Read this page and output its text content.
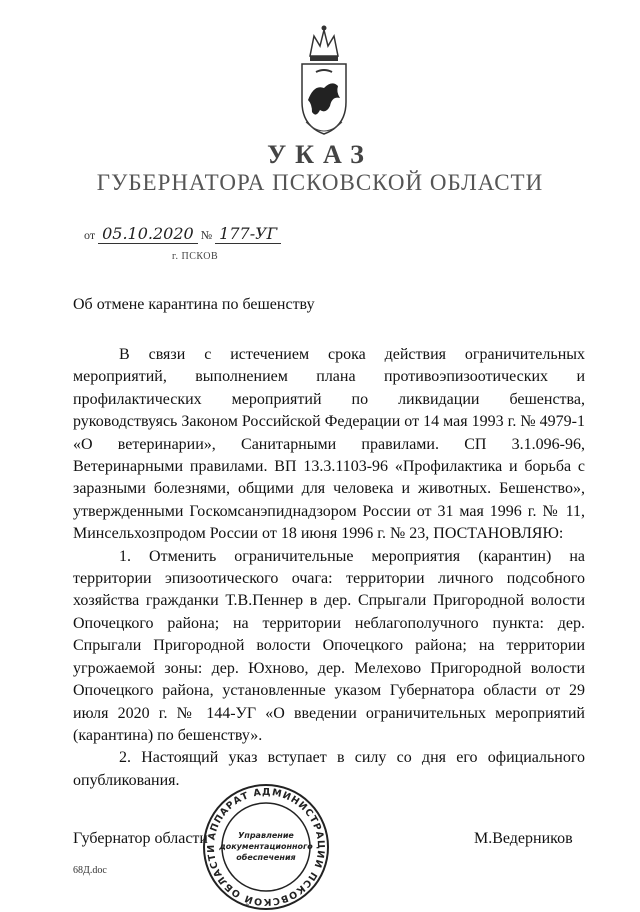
УКАЗ
ГУБЕРНАТОРА ПСКОВСКОЙ ОБЛАСТИ
от 05.10.2020 № 177-УГ
г. ПСКОВ
Об отмене карантина по бешенству

В связи с истечением срока действия ограничительных мероприятий, выполнением плана противоэпизоотических и профилактических мероприятий по ликвидации бешенства, руководствуясь Законом Российской Федерации от 14 мая 1993 г. № 4979-1 «О ветеринарии», Санитарными правилами. СП 3.1.096-96, Ветеринарными правилами. ВП 13.3.1103-96 «Профилактика и борьба с заразными болезнями, общими для человека и животных. Бешенство», утвержденными Госкомсанэпиднадзором России от 31 мая 1996 г. № 11, Минсельхозпродом России от 18 июня 1996 г. № 23, ПОСТАНОВЛЯЮ:

1. Отменить ограничительные мероприятия (карантин) на территории эпизоотического очага: территории личного подсобного хозяйства гражданки Т.В.Пеннер в дер. Спрыгали Пригородной волости Опочецкого района; на территории неблагополучного пункта: дер. Спрыгали Пригородной волости Опочецкого района; на территории угрожаемой зоны: дер. Юхново, дер. Мелехово Пригородной волости Опочецкого района, установленные указом Губернатора области от 29 июля 2020 г. № 144-УГ «О введении ограничительных мероприятий (карантина) по бешенству».

2. Настоящий указ вступает в силу со дня его официального опубликования.

Губернатор области	М.Ведерников
АППАРАТ АДМИНИСТРАЦИИ ПСКОВСКОЙ ОБЛАСТИ
Управление
документационного
обеспечения
68Д.doc
